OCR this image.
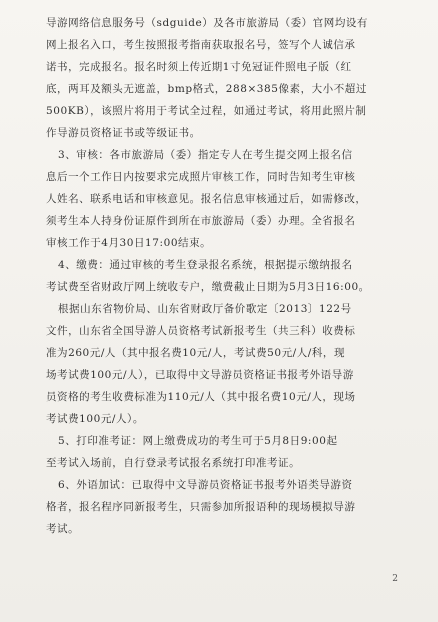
导游网络信息服务号（sdguide）及各市旅游局（委）官网均设有
网上报名入口，考生按照报考指南获取报名号，签写个人诚信承
诺书，完成报名。报名时须上传近期1寸免冠证件照电子版（红
底，两耳及额头无遮盖，bmp格式，288×385像素，大小不超过
500KB），该照片将用于考试全过程，如通过考试，将用此照片制
作导游员资格证书或等级证书。
3、审核：各市旅游局（委）指定专人在考生提交网上报名信
息后一个工作日内按要求完成照片审核工作，同时告知考生审核
人姓名、联系电话和审核意见。报名信息审核通过后，如需修改，
须考生本人持身份证原件到所在市旅游局（委）办理。全省报名
审核工作于4月30日17:00结束。
4、缴费：通过审核的考生登录报名系统，根据提示缴纳报名
考试费至省财政厅网上统收专户，缴费截止日期为5月3日16:00。
根据山东省物价局、山东省财政厅备价歌定〔2013〕122号
文件，山东省全国导游人员资格考试新报考生（共三科）收费标
准为260元/人（其中报名费10元/人，考试费50元/人/科，现
场考试费100元/人），已取得中文导游员资格证书报考外语导游
员资格的考生收费标准为110元/人（其中报名费10元/人，现场
考试费100元/人）。
5、打印准考证：网上缴费成功的考生可于5月8日9:00起
至考试入场前，自行登录考试报名系统打印准考证。
6、外语加试：已取得中文导游员资格证书报考外语类导游资
格者，报名程序同新报考生，只需参加所报语种的现场模拟导游
考试。
2
